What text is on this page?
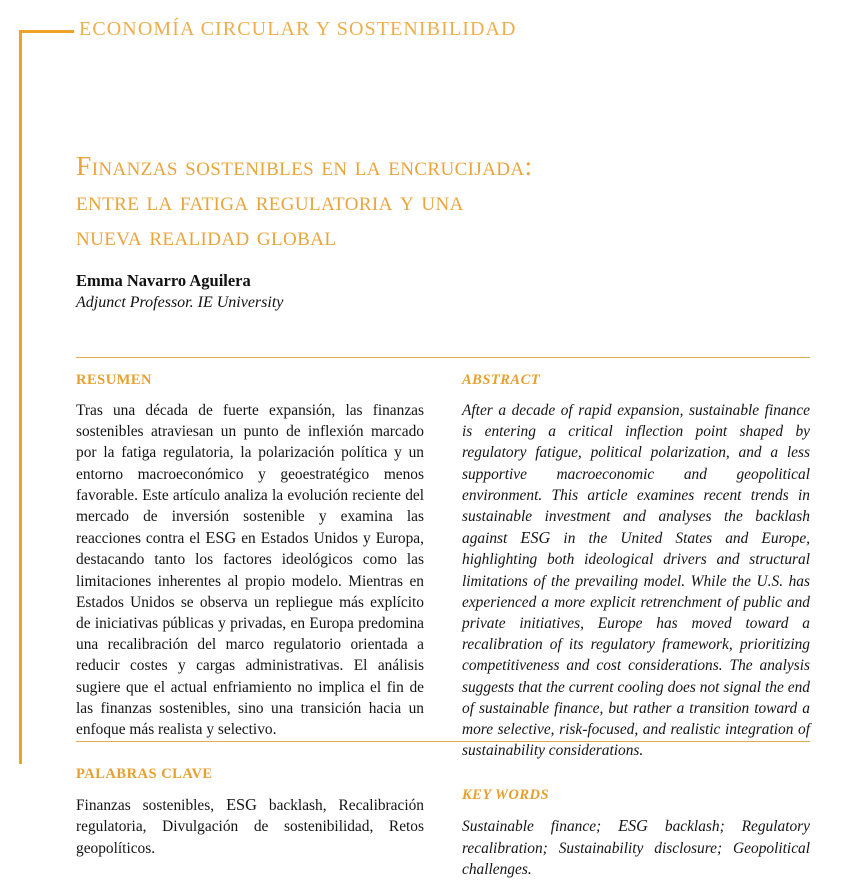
ECONOMÍA CIRCULAR Y SOSTENIBILIDAD
Finanzas sostenibles en la encrucijada:
entre la fatiga regulatoria y una
nueva realidad global

Emma Navarro Aguilera

Adjunct Professor. IE University

RESUMEN

Tras una década de fuerte expansión, las finanzas sostenibles atraviesan un punto de inflexión marcado por la fatiga regulatoria, la polarización política y un entorno macroeconómico y geoestratégico menos favorable. Este artículo analiza la evolución reciente del mercado de inversión sostenible y examina las reacciones contra el ESG en Estados Unidos y Europa, destacando tanto los factores ideológicos como las limitaciones inherentes al propio modelo. Mientras en Estados Unidos se observa un repliegue más explícito de iniciativas públicas y privadas, en Europa predomina una recalibración del marco regulatorio orientada a reducir costes y cargas administrativas. El análisis sugiere que el actual enfriamiento no implica el fin de las finanzas sostenibles, sino una transición hacia un enfoque más realista y selectivo.

PALABRAS CLAVE

Finanzas sostenibles, ESG backlash, Recalibración regulatoria, Divulgación de sostenibilidad, Retos geopolíticos.

ABSTRACT

After a decade of rapid expansion, sustainable finance is entering a critical inflection point shaped by regulatory fatigue, political polarization, and a less supportive macroeconomic and geopolitical environment. This article examines recent trends in sustainable investment and analyses the backlash against ESG in the United States and Europe, highlighting both ideological drivers and structural limitations of the prevailing model. While the U.S. has experienced a more explicit retrenchment of public and private initiatives, Europe has moved toward a recalibration of its regulatory framework, prioritizing competitiveness and cost considerations. The analysis suggests that the current cooling does not signal the end of sustainable finance, but rather a transition toward a more selective, risk-focused, and realistic integration of sustainability considerations.

KEY WORDS

Sustainable finance; ESG backlash; Regulatory recalibration; Sustainability disclosure; Geopolitical challenges.
